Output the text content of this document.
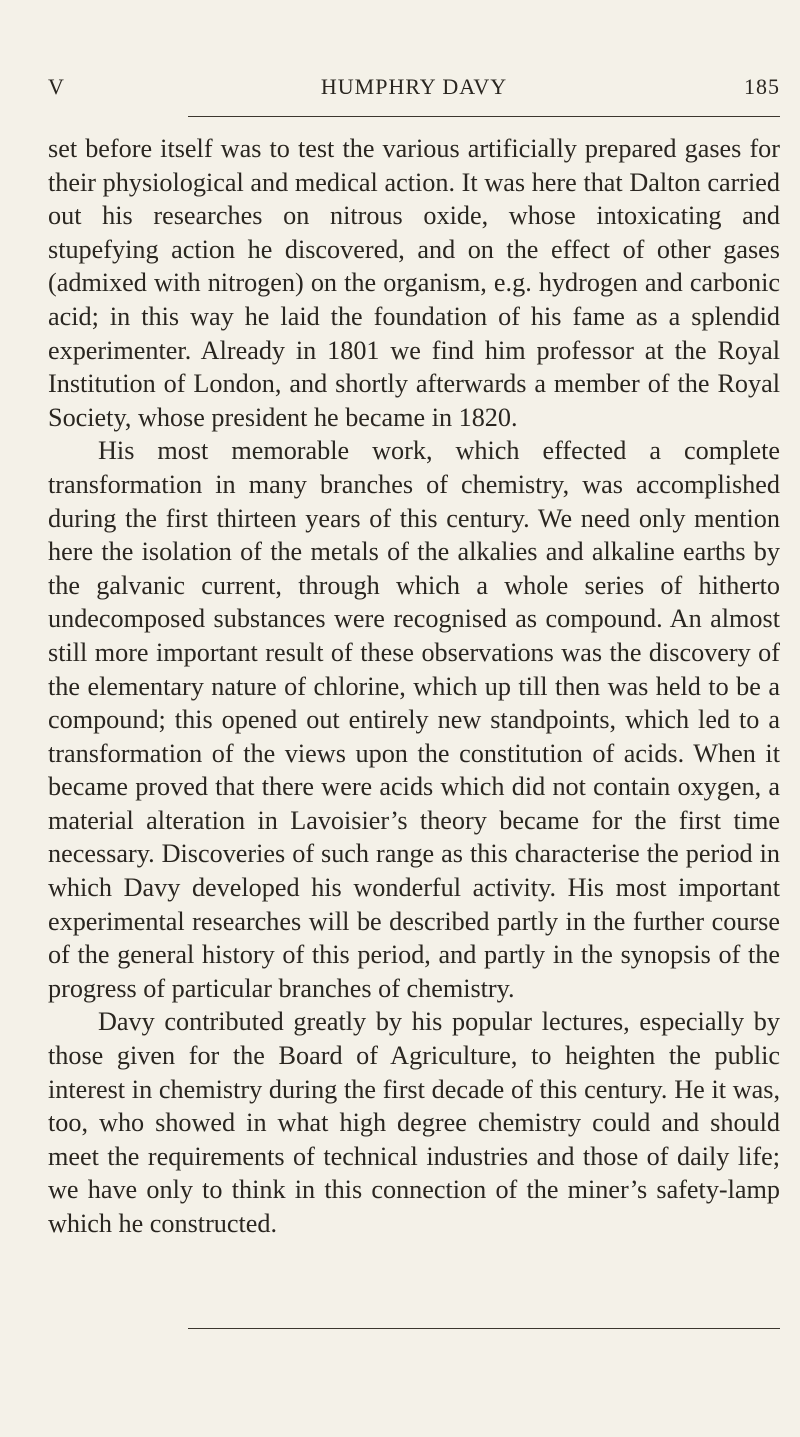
V	HUMPHRY DAVY	185

set before itself was to test the various artificially prepared gases for their physiological and medical action. It was here that Dalton carried out his researches on nitrous oxide, whose intoxicating and stupefying action he discovered, and on the effect of other gases (admixed with nitrogen) on the organism, e.g. hydrogen and carbonic acid; in this way he laid the foundation of his fame as a splendid experimenter. Already in 1801 we find him professor at the Royal Institution of London, and shortly afterwards a member of the Royal Society, whose president he became in 1820.

His most memorable work, which effected a complete transformation in many branches of chemistry, was accomplished during the first thirteen years of this century. We need only mention here the isolation of the metals of the alkalies and alkaline earths by the galvanic current, through which a whole series of hitherto undecomposed substances were recognised as compound. An almost still more important result of these observations was the discovery of the elementary nature of chlorine, which up till then was held to be a compound; this opened out entirely new standpoints, which led to a transformation of the views upon the constitution of acids. When it became proved that there were acids which did not contain oxygen, a material alteration in Lavoisier’s theory became for the first time necessary. Discoveries of such range as this characterise the period in which Davy developed his wonderful activity. His most important experimental researches will be described partly in the further course of the general history of this period, and partly in the synopsis of the progress of particular branches of chemistry.

Davy contributed greatly by his popular lectures, especially by those given for the Board of Agriculture, to heighten the public interest in chemistry during the first decade of this century. He it was, too, who showed in what high degree chemistry could and should meet the requirements of technical industries and those of daily life; we have only to think in this connection of the miner’s safety-lamp which he constructed.
